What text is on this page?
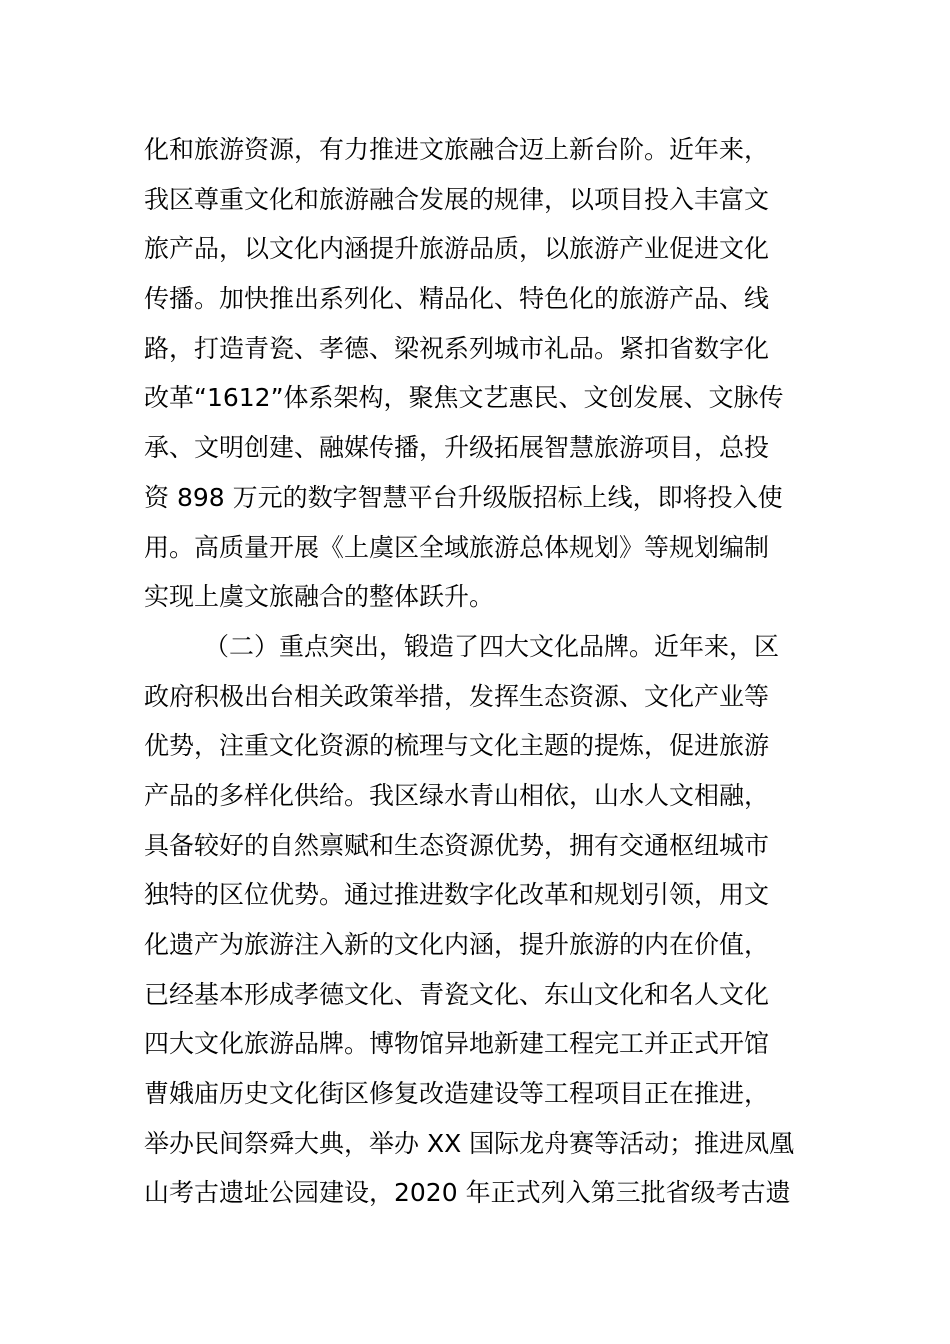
化和旅游资源，有力推进文旅融合迈上新台阶。近年来，
我区尊重文化和旅游融合发展的规律，以项目投入丰富文
旅产品，以文化内涵提升旅游品质，以旅游产业促进文化
传播。加快推出系列化、精品化、特色化的旅游产品、线
路，打造青瓷、孝德、梁祝系列城市礼品。紧扣省数字化
改革“1612”体系架构，聚焦文艺惠民、文创发展、文脉传
承、文明创建、融媒传播，升级拓展智慧旅游项目，总投
资 898 万元的数字智慧平台升级版招标上线，即将投入使
用。高质量开展《上虞区全域旅游总体规划》等规划编制
实现上虞文旅融合的整体跃升。
（二）重点突出，锻造了四大文化品牌。近年来，区
政府积极出台相关政策举措，发挥生态资源、文化产业等
优势，注重文化资源的梳理与文化主题的提炼，促进旅游
产品的多样化供给。我区绿水青山相依，山水人文相融，
具备较好的自然禀赋和生态资源优势，拥有交通枢纽城市
独特的区位优势。通过推进数字化改革和规划引领，用文
化遗产为旅游注入新的文化内涵，提升旅游的内在价值，
已经基本形成孝德文化、青瓷文化、东山文化和名人文化
四大文化旅游品牌。博物馆异地新建工程完工并正式开馆
曹娥庙历史文化街区修复改造建设等工程项目正在推进，
举办民间祭舜大典，举办 XX 国际龙舟赛等活动；推进凤凰
山考古遗址公园建设，2020 年正式列入第三批省级考古遗
